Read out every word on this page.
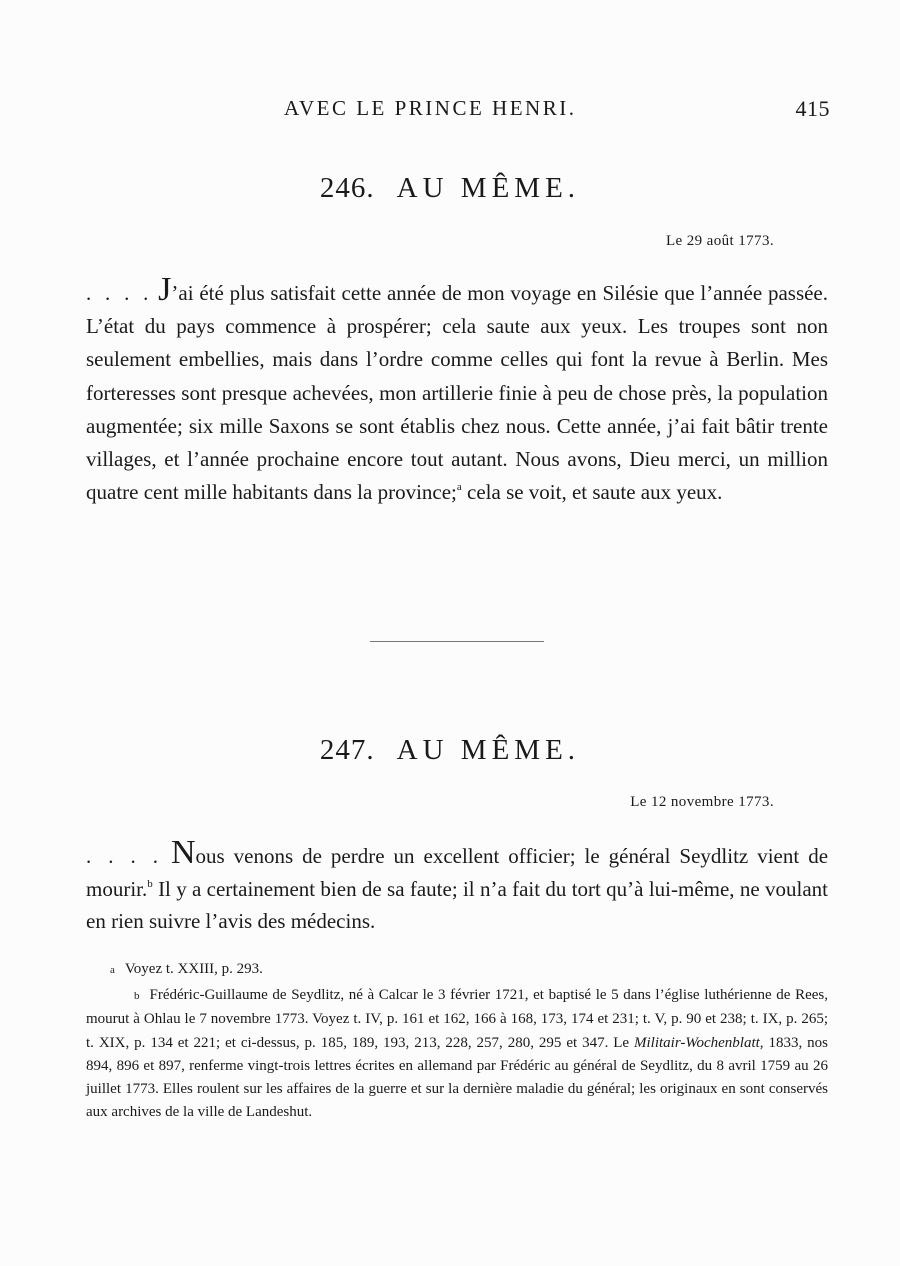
AVEC LE PRINCE HENRI.	415
246. AU MÊME.
Le 29 août 1773.

. . . . J’ai été plus satisfait cette année de mon voyage en Silésie que l’année passée. L’état du pays commence à prospérer; cela saute aux yeux. Les troupes sont non seulement embellies, mais dans l’ordre comme celles qui font la revue à Berlin. Mes forteresses sont presque achevées, mon artillerie finie à peu de chose près, la population augmentée; six mille Saxons se sont établis chez nous. Cette année, j’ai fait bâtir trente villages, et l’année prochaine encore tout autant. Nous avons, Dieu merci, un million quatre cent mille habitants dans la province;$^a$ cela se voit, et saute aux yeux.

247. AU MÊME.
Le 12 novembre 1773.

. . . . Nous venons de perdre un excellent officier; le général Seydlitz vient de mourir.$^b$ Il y a certainement bien de sa faute; il n’a fait du tort qu’à lui-même, ne voulant en rien suivre l’avis des médecins.

a Voyez t. XXIII, p. 293.

b Frédéric-Guillaume de Seydlitz, né à Calcar le 3 février 1721, et baptisé le 5 dans l’église luthérienne de Rees, mourut à Ohlau le 7 novembre 1773. Voyez t. IV, p. 161 et 162, 166 à 168, 173, 174 et 231; t. V, p. 90 et 238; t. IX, p. 265; t. XIX, p. 134 et 221; et ci-dessus, p. 185, 189, 193, 213, 228, 257, 280, 295 et 347. Le Militair-Wochenblatt, 1833, nos 894, 896 et 897, renferme vingt-trois lettres écrites en allemand par Frédéric au général de Seydlitz, du 8 avril 1759 au 26 juillet 1773. Elles roulent sur les affaires de la guerre et sur la dernière maladie du général; les originaux en sont conservés aux archives de la ville de Landeshut.
